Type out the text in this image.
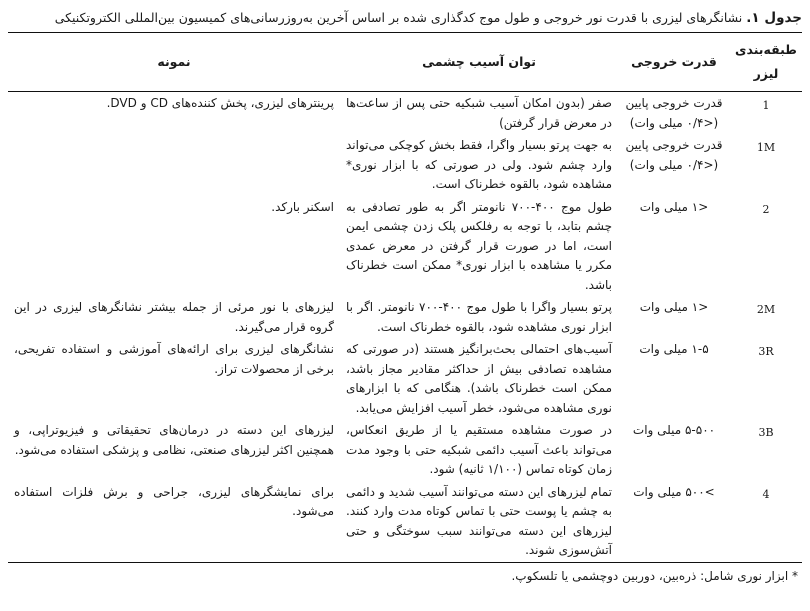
جدول ۱. نشانگرهای لیزری با قدرت نور خروجی و طول موج کدگذاری شده بر اساس آخرین به‌روزرسانی‌های کمیسیون بین‌المللی الکتروتکنیکی
طبقه‌بندی لیزر	قدرت خروجی	توان آسیب چشمی	نمونه
1	قدرت خروجی پایین (<۰/۴ میلی وات)	صفر (بدون امکان آسیب شبکیه حتی پس از ساعت‌ها در معرض قرار گرفتن)	پرینترهای لیزری، پخش کننده‌های CD و DVD.
1M	قدرت خروجی پایین (<۰/۴ میلی وات)	به جهت پرتو بسیار واگرا، فقط بخش کوچکی می‌تواند وارد چشم شود. ولی در صورتی که با ابزار نوری* مشاهده شود، بالقوه خطرناک است.	
2	<۱ میلی وات	طول موج ۴۰۰-۷۰۰ نانومتر اگر به طور تصادفی به چشم بتابد، با توجه به رفلکس پلک زدن چشمی ایمن است، اما در صورت قرار گرفتن در معرض عمدی مکرر یا مشاهده با ابزار نوری* ممکن است خطرناک باشد.	اسکنر بارکد.
2M	<۱ میلی وات	پرتو بسیار واگرا با طول موج ۴۰۰-۷۰۰ نانومتر. اگر با ابزار نوری مشاهده شود، بالقوه خطرناک است.	لیزرهای با نور مرئی از جمله بیشتر نشانگرهای لیزری در این گروه قرار می‌گیرند.
3R	۱-۵ میلی وات	آسیب‌های احتمالی بحث‌برانگیز هستند (در صورتی که مشاهده تصادفی بیش از حداکثر مقادیر مجاز باشد، ممکن است خطرناک باشد). هنگامی که با ابزارهای نوری مشاهده می‌شود، خطر آسیب افزایش می‌یابد.	نشانگرهای لیزری برای ارائه‌های آموزشی و استفاده تفریحی، برخی از محصولات تراز.
3B	۵-۵۰۰ میلی وات	در صورت مشاهده مستقیم یا از طریق انعکاس، می‌تواند باعث آسیب دائمی شبکیه حتی با وجود مدت زمان کوتاه تماس (۱/۱۰۰ ثانیه) شود.	لیزرهای این دسته در درمان‌های تحقیقاتی و فیزیوتراپی، و همچنین اکثر لیزرهای صنعتی، نظامی و پزشکی استفاده می‌شود.
4	>۵۰۰ میلی وات	تمام لیزرهای این دسته می‌توانند آسیب شدید و دائمی به چشم یا پوست حتی با تماس کوتاه مدت وارد کنند. لیزرهای این دسته می‌توانند سبب سوختگی و حتی آتش‌سوزی شوند.	برای نمایشگرهای لیزری، جراحی و برش فلزات استفاده می‌شود.
* ابزار نوری شامل: ذره‌بین، دوربین دوچشمی یا تلسکوپ.
